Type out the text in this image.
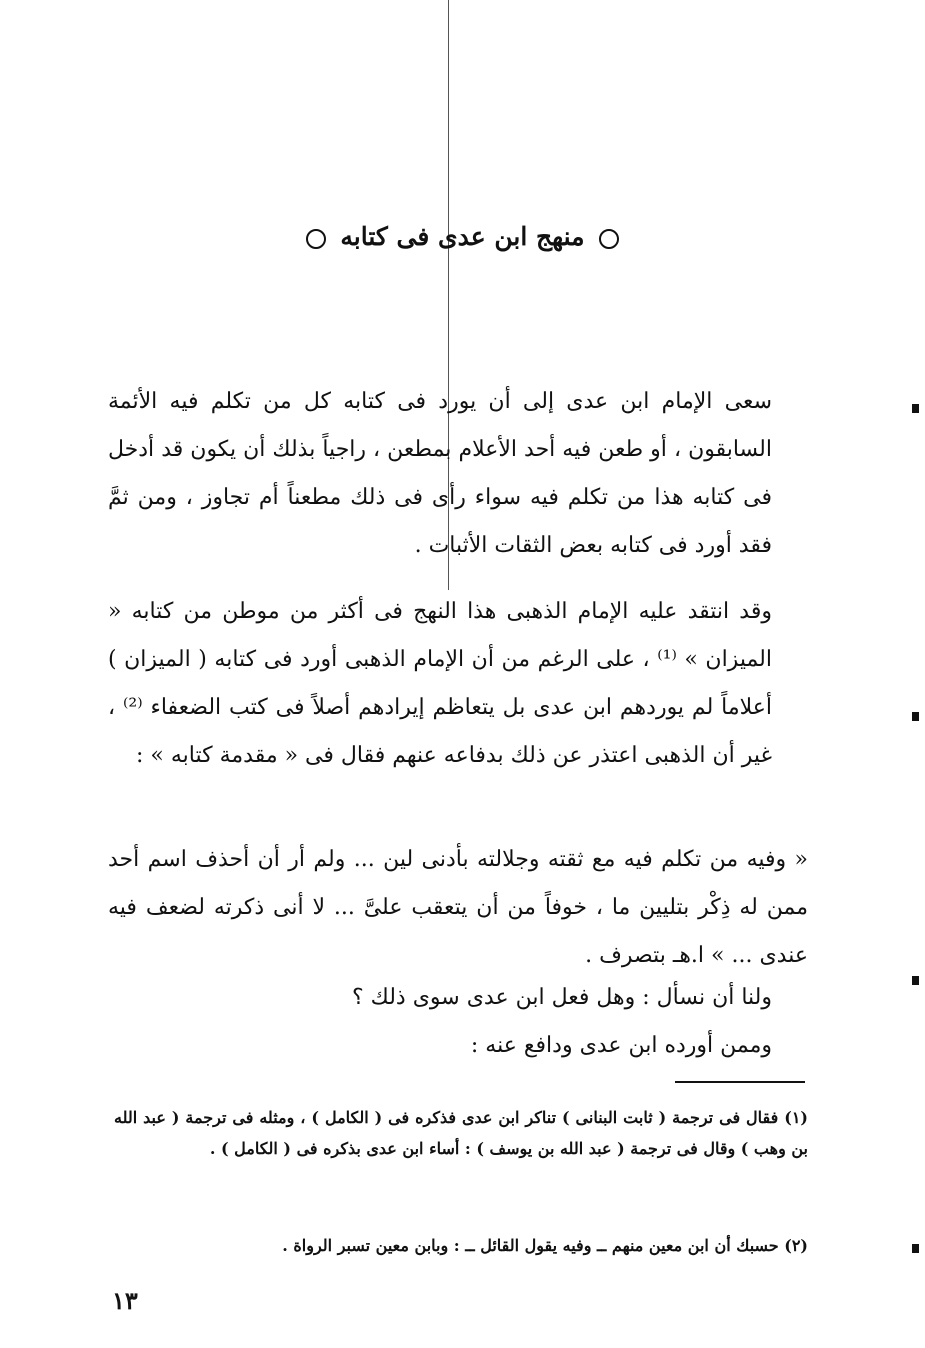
منهج ابن عدى فى كتابه

سعى الإمام ابن عدى إلى أن يورد فى كتابه كل من تكلم فيه الأئمة السابقون ، أو طعن فيه أحد الأعلام بمطعن ، راجياً بذلك أن يكون قد أدخل فى كتابه هذا من تكلم فيه سواء رأى فى ذلك مطعناً أم تجاوز ، ومن ثمَّ فقد أورد فى كتابه بعض الثقات الأثبات .

وقد انتقد عليه الإمام الذهبى هذا النهج فى أكثر من موطن من كتابه « الميزان » ⁽¹⁾ ، على الرغم من أن الإمام الذهبى أورد فى كتابه ( الميزان ) أعلاماً لم يوردهم ابن عدى بل يتعاظم إيرادهم أصلاً فى كتب الضعفاء ⁽²⁾ ، غير أن الذهبى اعتذر عن ذلك بدفاعه عنهم فقال فى « مقدمة كتابه » :

« وفيه من تكلم فيه مع ثقته وجلالته بأدنى لين ... ولم أر أن أحذف اسم أحد ممن له ذِكْر بتليين ما ، خوفاً من أن يتعقب علىَّ ... لا أنى ذكرته لضعف فيه عندى ... » ا.هـ بتصرف .

ولنا أن نسأل : وهل فعل ابن عدى سوى ذلك ؟

وممن أورده ابن عدى ودافع عنه :

(١) فقال فى ترجمة ( ثابت البنانى ) تناكر ابن عدى فذكره فى ( الكامل ) ، ومثله فى ترجمة ( عبد الله بن وهب ) وقال فى ترجمة ( عبد الله بن يوسف ) : أساء ابن عدى بذكره فى ( الكامل ) .

(٢) حسبك أن ابن معين منهم ــ وفيه يقول القائل ــ : وبابن معين تسبر الرواة .

١٣
